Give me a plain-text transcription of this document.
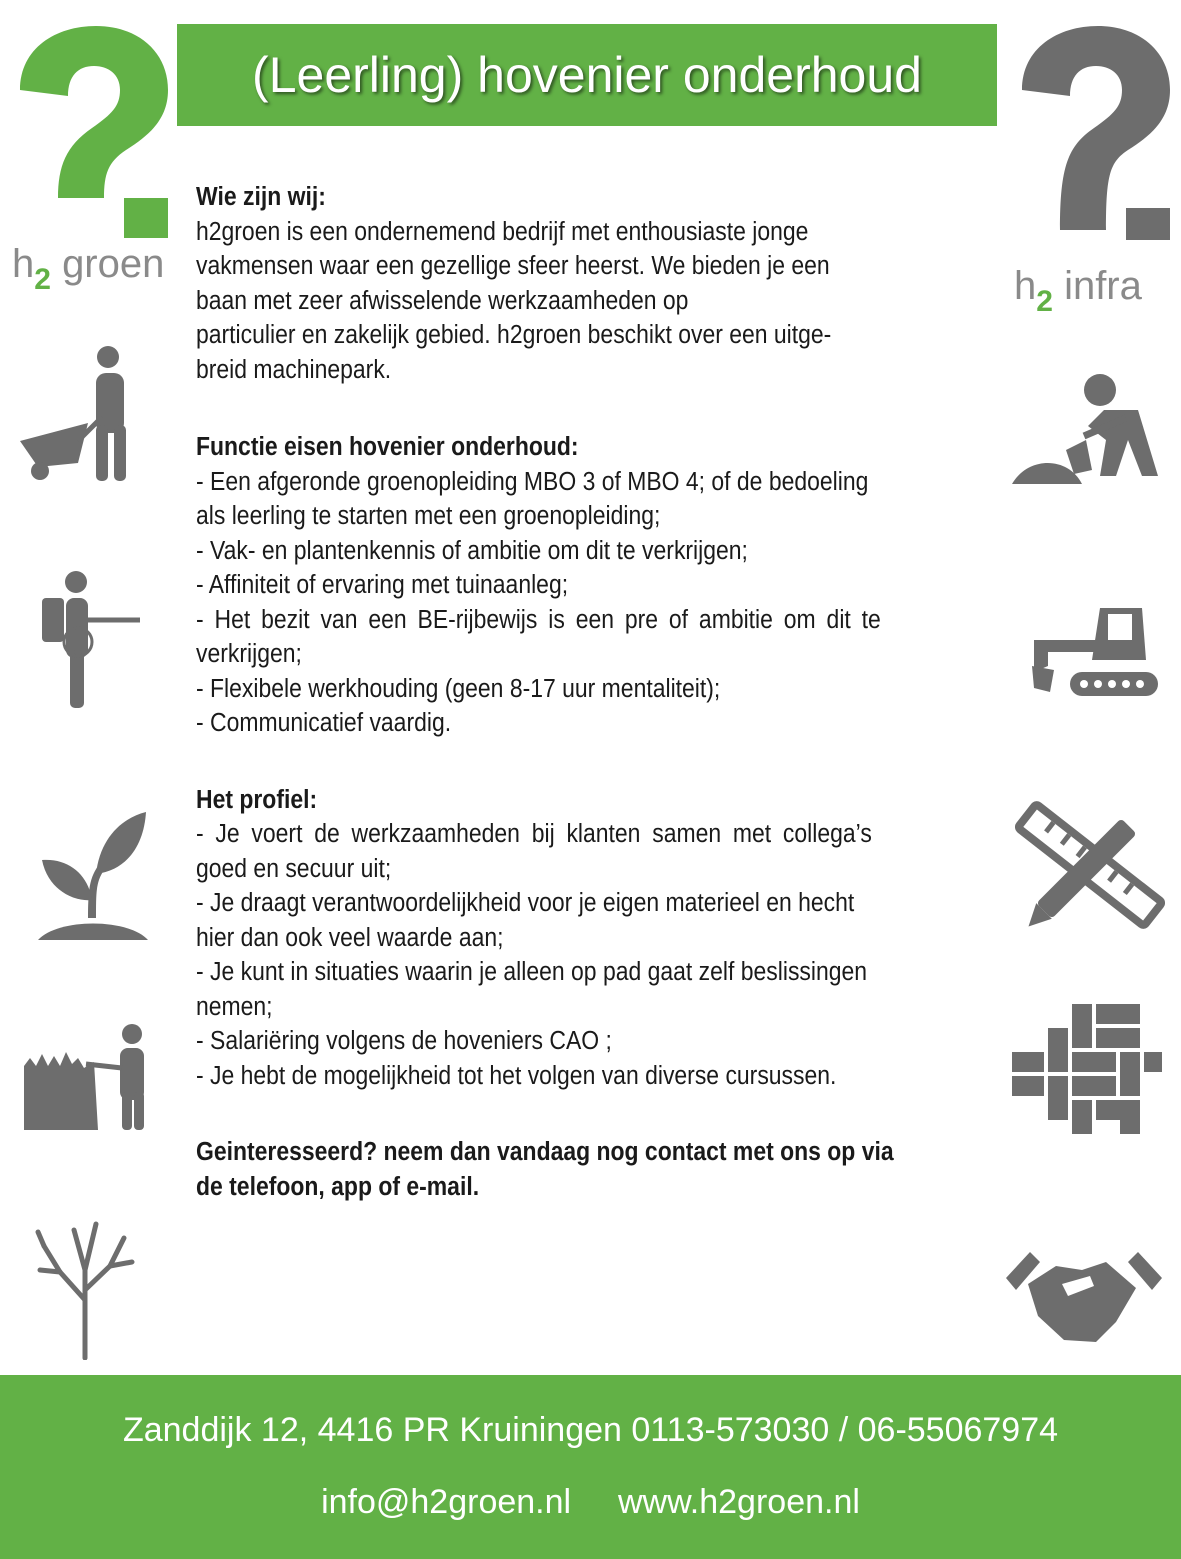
$h_2$ groen	$h_2$ infra
(Leerling) hovenier onderhoud

Wie zijn wij:

h2groen is een ondernemend bedrijf met enthousiaste jonge

vakmensen waar een gezellige sfeer heerst. We bieden je een

baan met zeer afwisselende werkzaamheden op

particulier en zakelijk gebied. h2groen beschikt over een uitge-

breid machinepark.

Functie eisen hovenier onderhoud:

- Een afgeronde groenopleiding MBO 3 of MBO 4; of de bedoeling

als leerling te starten met een groenopleiding;

- Vak- en plantenkennis of ambitie om dit te verkrijgen;

- Affiniteit of ervaring met tuinaanleg;

- Het bezit van een BE-rijbewijs is een pre of ambitie om dit te

verkrijgen;

- Flexibele werkhouding (geen 8-17 uur mentaliteit);

- Communicatief vaardig.

Het profiel:

- Je voert de werkzaamheden bij klanten samen met collega’s

goed en secuur uit;

- Je draagt verantwoordelijkheid voor je eigen materieel en hecht

hier dan ook veel waarde aan;

- Je kunt in situaties waarin je alleen op pad gaat zelf beslissingen

nemen;

- Salariëring volgens de hoveniers CAO ;

- Je hebt de mogelijkheid tot het volgen van diverse cursussen.

Geinteresseerd? neem dan vandaag nog contact met ons op via

de telefoon, app of e-mail.

Zanddijk 12, 4416 PR Kruiningen 0113-573030 / 06-55067974
info@h2groen.nl www.h2groen.nl
